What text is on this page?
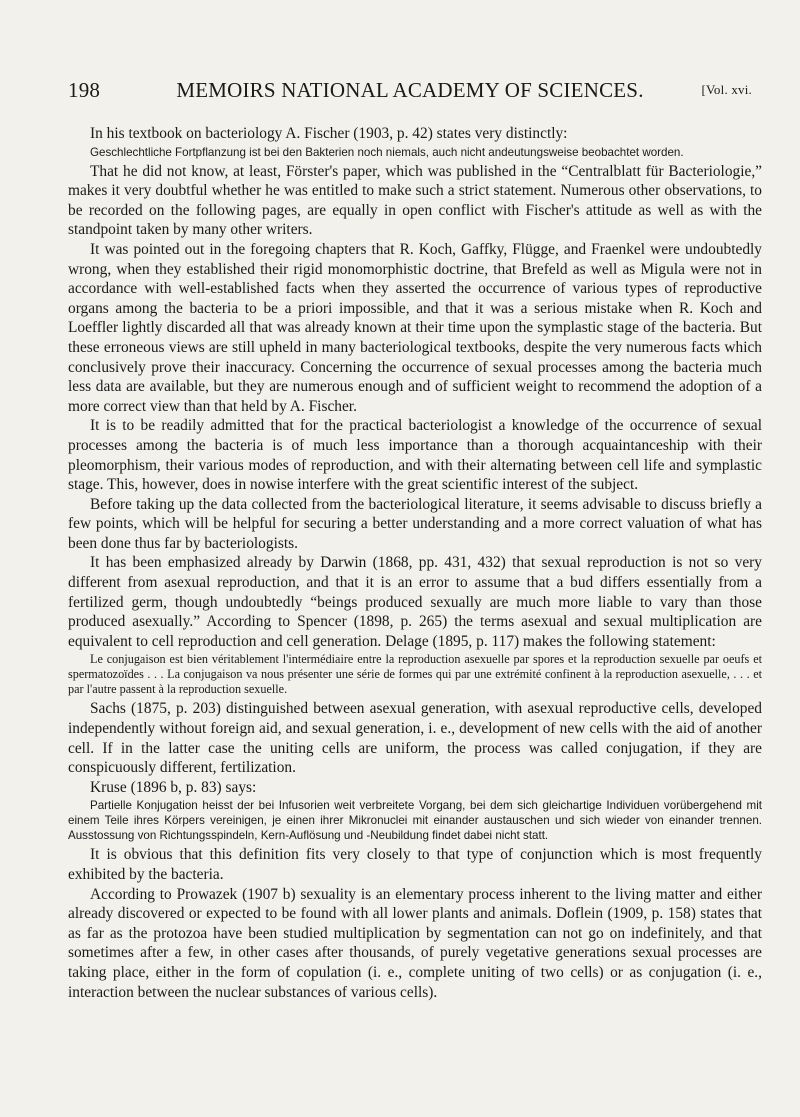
198	MEMOIRS NATIONAL ACADEMY OF SCIENCES.	[Vol. xvi.

In his textbook on bacteriology A. Fischer (1903, p. 42) states very distinctly:

Geschlechtliche Fortpflanzung ist bei den Bakterien noch niemals, auch nicht andeutungsweise beobachtet worden.

That he did not know, at least, Förster's paper, which was published in the “Centralblatt für Bacteriologie,” makes it very doubtful whether he was entitled to make such a strict statement. Numerous other observations, to be recorded on the following pages, are equally in open conflict with Fischer's attitude as well as with the standpoint taken by many other writers.

It was pointed out in the foregoing chapters that R. Koch, Gaffky, Flügge, and Fraenkel were undoubtedly wrong, when they established their rigid monomorphistic doctrine, that Brefeld as well as Migula were not in accordance with well-established facts when they asserted the occurrence of various types of reproductive organs among the bacteria to be a priori impossible, and that it was a serious mistake when R. Koch and Loeffler lightly discarded all that was already known at their time upon the symplastic stage of the bacteria. But these erroneous views are still upheld in many bacteriological textbooks, despite the very numerous facts which conclusively prove their inaccuracy. Concerning the occurrence of sexual processes among the bacteria much less data are available, but they are numerous enough and of sufficient weight to recommend the adoption of a more correct view than that held by A. Fischer.

It is to be readily admitted that for the practical bacteriologist a knowledge of the occurrence of sexual processes among the bacteria is of much less importance than a thorough acquaintanceship with their pleomorphism, their various modes of reproduction, and with their alternating between cell life and symplastic stage. This, however, does in nowise interfere with the great scientific interest of the subject.

Before taking up the data collected from the bacteriological literature, it seems advisable to discuss briefly a few points, which will be helpful for securing a better understanding and a more correct valuation of what has been done thus far by bacteriologists.

It has been emphasized already by Darwin (1868, pp. 431, 432) that sexual reproduction is not so very different from asexual reproduction, and that it is an error to assume that a bud differs essentially from a fertilized germ, though undoubtedly “beings produced sexually are much more liable to vary than those produced asexually.” According to Spencer (1898, p. 265) the terms asexual and sexual multiplication are equivalent to cell reproduction and cell generation. Delage (1895, p. 117) makes the following statement:

Le conjugaison est bien véritablement l'intermédiaire entre la reproduction asexuelle par spores et la reproduction sexuelle par oeufs et spermatozoïdes . . . La conjugaison va nous présenter une série de formes qui par une extrémité confinent à la reproduction asexuelle, . . . et par l'autre passent à la reproduction sexuelle.

Sachs (1875, p. 203) distinguished between asexual generation, with asexual reproductive cells, developed independently without foreign aid, and sexual generation, i. e., development of new cells with the aid of another cell. If in the latter case the uniting cells are uniform, the process was called conjugation, if they are conspicuously different, fertilization.

Kruse (1896 b, p. 83) says:

Partielle Konjugation heisst der bei Infusorien weit verbreitete Vorgang, bei dem sich gleichartige Individuen vorübergehend mit einem Teile ihres Körpers vereinigen, je einen ihrer Mikronuclei mit einander austauschen und sich wieder von einander trennen. Ausstossung von Richtungsspindeln, Kern-Auflösung und -Neubildung findet dabei nicht statt.

It is obvious that this definition fits very closely to that type of conjunction which is most frequently exhibited by the bacteria.

According to Prowazek (1907 b) sexuality is an elementary process inherent to the living matter and either already discovered or expected to be found with all lower plants and animals. Doflein (1909, p. 158) states that as far as the protozoa have been studied multiplication by segmentation can not go on indefinitely, and that sometimes after a few, in other cases after thousands, of purely vegetative generations sexual processes are taking place, either in the form of copulation (i. e., complete uniting of two cells) or as conjugation (i. e., interaction between the nuclear substances of various cells).
